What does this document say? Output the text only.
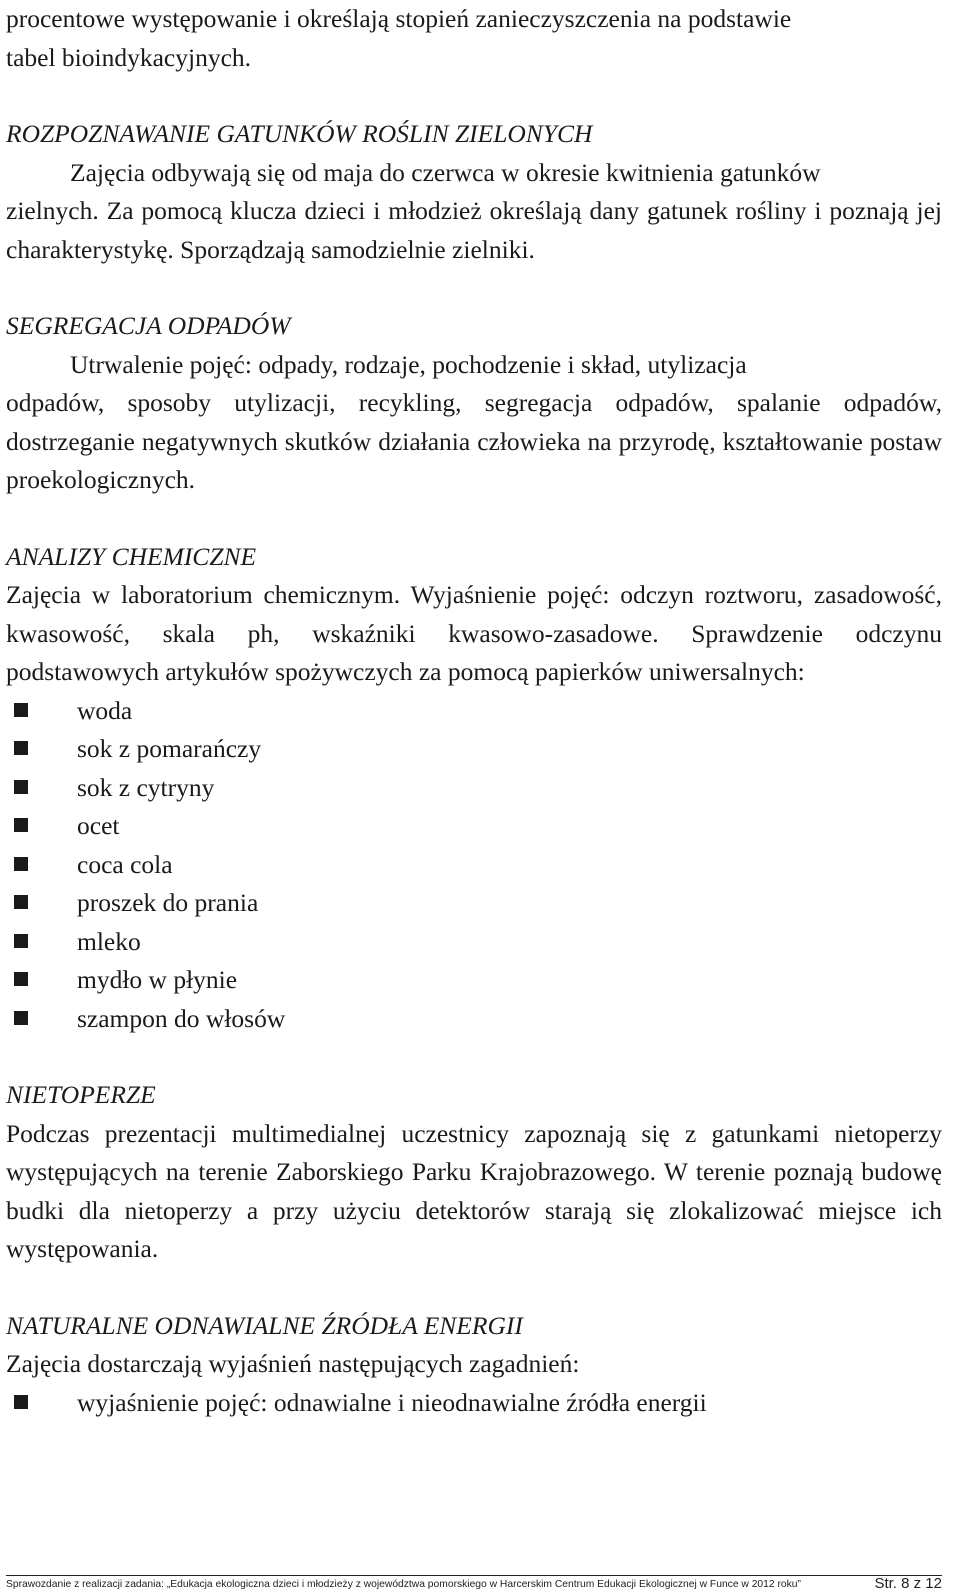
procentowe występowanie i określają stopień zanieczyszczenia na podstawie

tabel bioindykacyjnych.

ROZPOZNAWANIE GATUNKÓW ROŚLIN ZIELONYCH

Zajęcia odbywają się od maja do czerwca w okresie kwitnienia gatunków

zielnych. Za pomocą klucza dzieci i młodzież określają dany gatunek rośliny i poznają jej charakterystykę. Sporządzają samodzielnie zielniki.

SEGREGACJA ODPADÓW

Utrwalenie pojęć: odpady, rodzaje, pochodzenie i skład, utylizacja

odpadów, sposoby utylizacji, recykling, segregacja odpadów, spalanie odpadów, dostrzeganie negatywnych skutków działania człowieka na przyrodę, kształtowanie postaw proekologicznych.

ANALIZY CHEMICZNE

Zajęcia w laboratorium chemicznym. Wyjaśnienie pojęć: odczyn roztworu, zasadowość, kwasowość, skala ph, wskaźniki kwasowo-zasadowe. Sprawdzenie odczynu podstawowych artykułów spożywczych za pomocą papierków uniwersalnych:

woda
sok z pomarańczy
sok z cytryny
ocet
coca cola
proszek do prania
mleko
mydło w płynie
szampon do włosów

NIETOPERZE

Podczas prezentacji multimedialnej uczestnicy zapoznają się z gatunkami nietoperzy występujących na terenie Zaborskiego Parku Krajobrazowego. W terenie poznają budowę budki dla nietoperzy a przy użyciu detektorów starają się zlokalizować miejsce ich występowania.

NATURALNE ODNAWIALNE ŹRÓDŁA ENERGII

Zajęcia dostarczają wyjaśnień następujących zagadnień:

wyjaśnienie pojęć: odnawialne i nieodnawialne źródła energii
Sprawozdanie z realizacji zadania: „Edukacja ekologiczna dzieci i młodzieży z województwa pomorskiego w Harcerskim Centrum Edukacji Ekologicznej w Funce w 2012 roku”	Str. 8 z 12
